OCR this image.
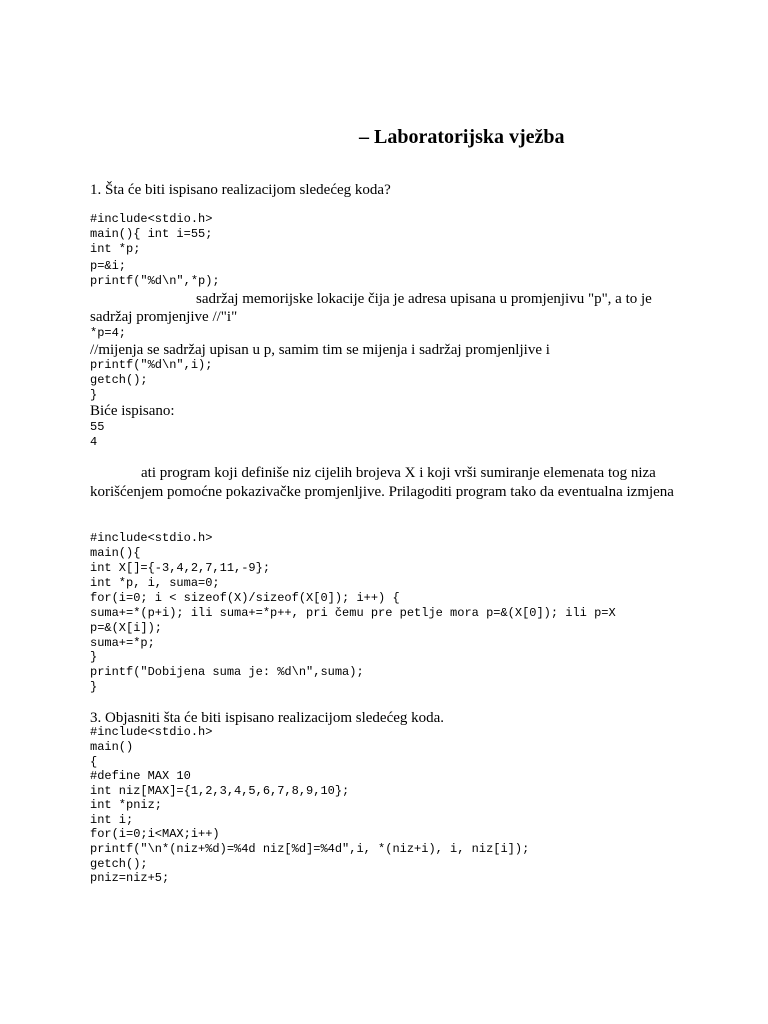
– Laboratorijska vježba

1. Šta će biti ispisano realizacijom sledećeg koda?

#include<stdio.h>
main(){ int i=55;
int *p;
p=&i;
printf("%d\n",*p);

sadržaj memorijske lokacije čija je adresa upisana u promjenjivu "p", a to je

sadržaj promjenjive //"i"

*p=4;

//mijenja se sadržaj upisan u p, samim tim se mijenja i sadržaj promjenljive i

printf("%d\n",i);
getch();
}

Biće ispisano:

55
4

ati program koji definiše niz cijelih brojeva X i koji vrši sumiranje elemenata tog niza

korišćenjem pomoćne pokazivačke promjenljive. Prilagoditi program tako da eventualna izmjena

#include<stdio.h>
main(){
int X[]={-3,4,2,7,11,-9};
int *p, i, suma=0;
for(i=0; i < sizeof(X)/sizeof(X[0]); i++) {
suma+=*(p+i); ili suma+=*p++, pri čemu pre petlje mora p=&(X[0]); ili p=X
p=&(X[i]);
suma+=*p;
}
printf("Dobijena suma je: %d\n",suma);
}

3. Objasniti šta će biti ispisano realizacijom sledećeg koda.

#include<stdio.h>
main()
{
#define MAX 10
int niz[MAX]={1,2,3,4,5,6,7,8,9,10};
int *pniz;
int i;
for(i=0;i<MAX;i++)
printf("\n*(niz+%d)=%4d niz[%d]=%4d",i, *(niz+i), i, niz[i]);
getch();
pniz=niz+5;
